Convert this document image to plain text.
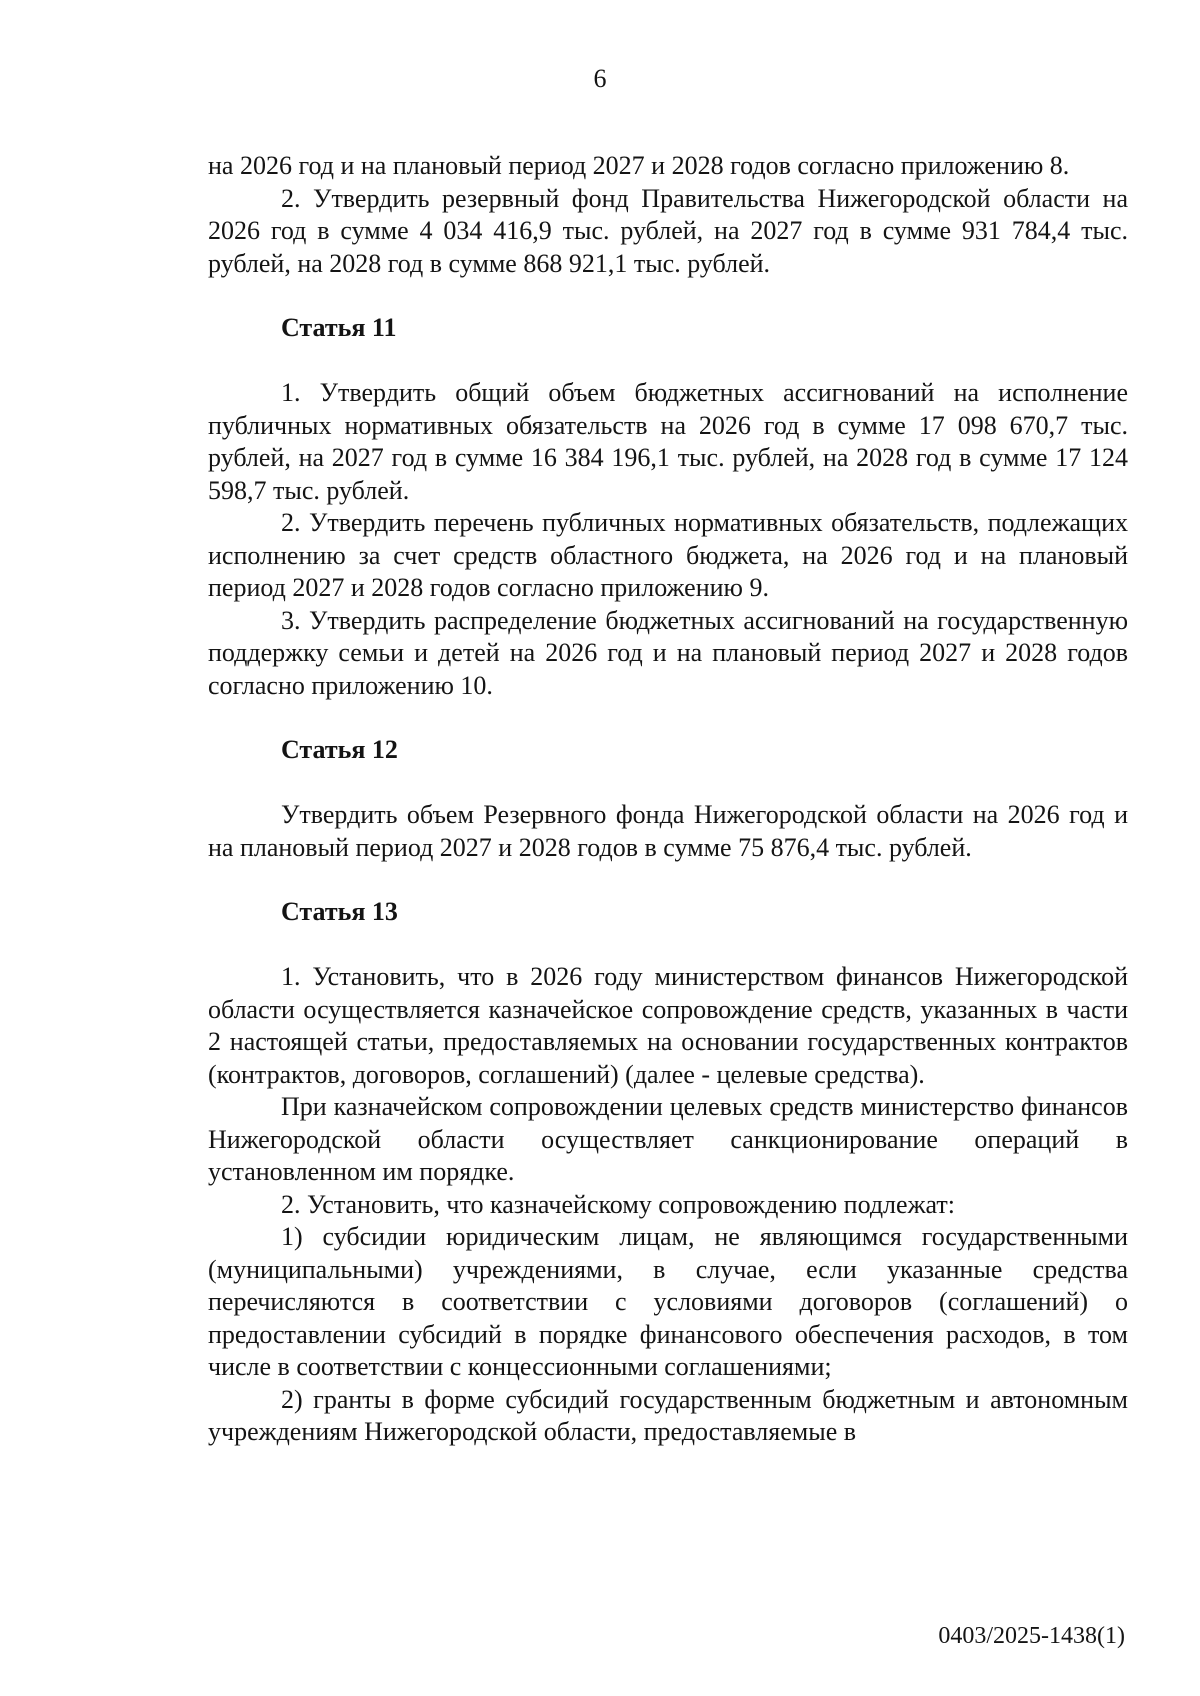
6

на 2026 год и на плановый период 2027 и 2028 годов согласно приложению 8.

2. Утвердить резервный фонд Правительства Нижегородской области на 2026 год в сумме 4 034 416,9 тыс. рублей, на 2027 год в сумме 931 784,4 тыс. рублей, на 2028 год в сумме 868 921,1 тыс. рублей.

Статья 11

1. Утвердить общий объем бюджетных ассигнований на исполнение публичных нормативных обязательств на 2026 год в сумме 17 098 670,7 тыс. рублей, на 2027 год в сумме 16 384 196,1 тыс. рублей, на 2028 год в сумме 17 124 598,7 тыс. рублей.

2. Утвердить перечень публичных нормативных обязательств, подлежащих исполнению за счет средств областного бюджета, на 2026 год и на плановый период 2027 и 2028 годов согласно приложению 9.

3. Утвердить распределение бюджетных ассигнований на государственную поддержку семьи и детей на 2026 год и на плановый период 2027 и 2028 годов согласно приложению 10.

Статья 12

Утвердить объем Резервного фонда Нижегородской области на 2026 год и на плановый период 2027 и 2028 годов в сумме 75 876,4 тыс. рублей.

Статья 13

1. Установить, что в 2026 году министерством финансов Нижегородской области осуществляется казначейское сопровождение средств, указанных в части 2 настоящей статьи, предоставляемых на основании государственных контрактов (контрактов, договоров, соглашений) (далее - целевые средства).

При казначейском сопровождении целевых средств министерство финансов Нижегородской области осуществляет санкционирование операций в установленном им порядке.

2. Установить, что казначейскому сопровождению подлежат:

1) субсидии юридическим лицам, не являющимся государственными (муниципальными) учреждениями, в случае, если указанные средства перечисляются в соответствии с условиями договоров (соглашений) о предоставлении субсидий в порядке финансового обеспечения расходов, в том числе в соответствии с концессионными соглашениями;

2) гранты в форме субсидий государственным бюджетным и автономным учреждениям Нижегородской области, предоставляемые в

0403/2025-1438(1)
